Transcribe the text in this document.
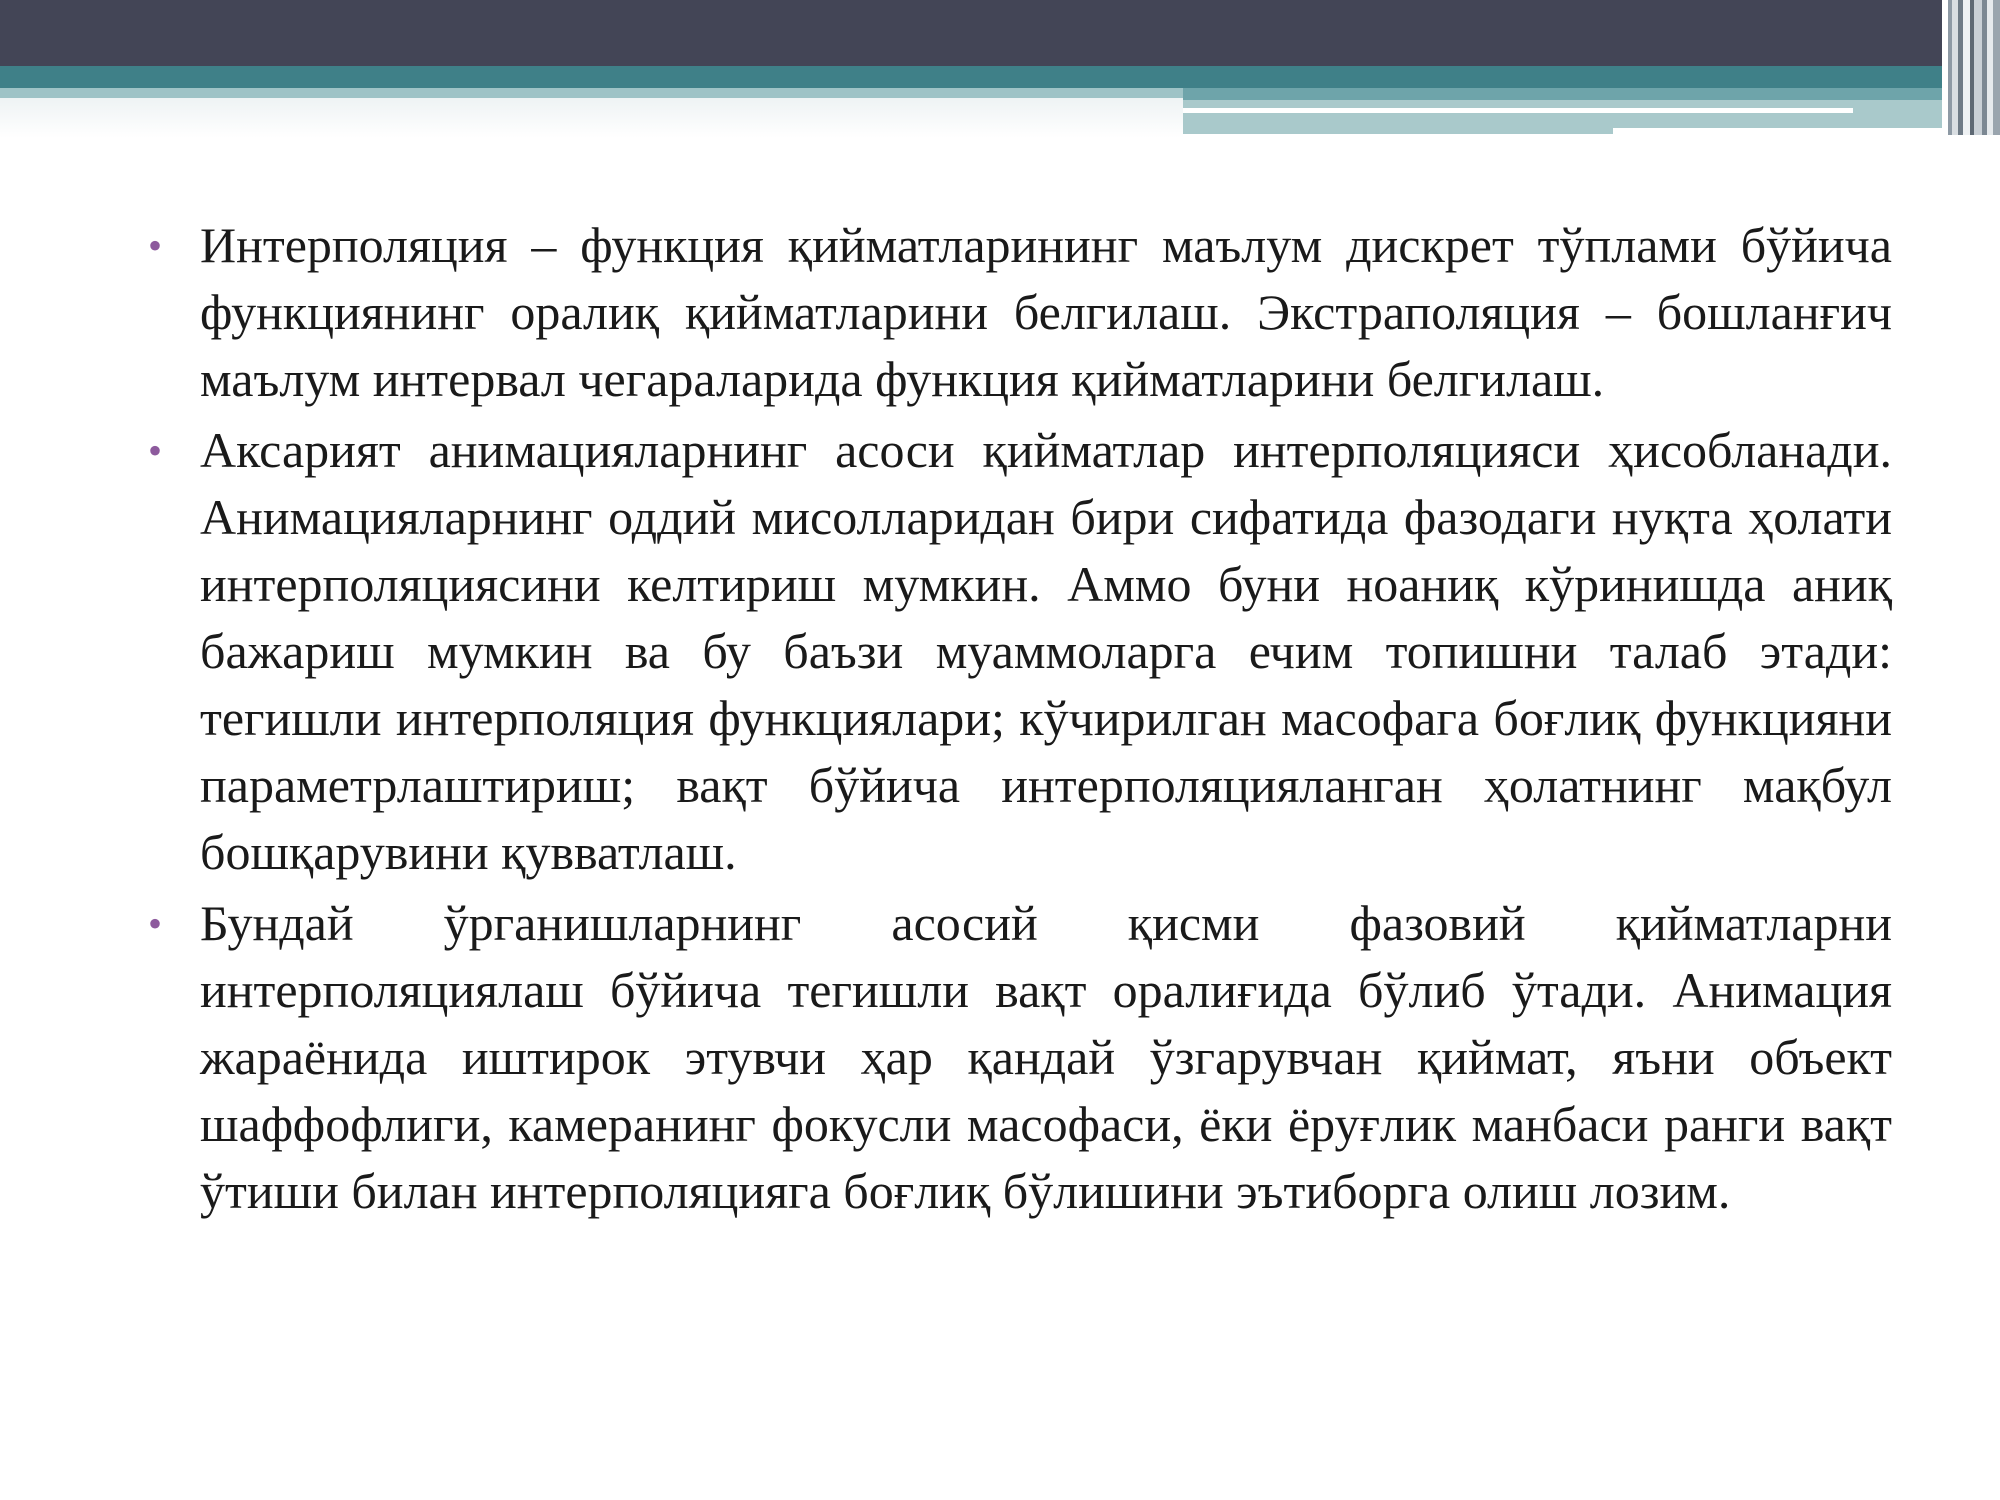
• Интерполяция – функция қийматларининг маълум дискрет тўплами бўйича функциянинг оралиқ қийматларини белгилаш. Экстраполяция – бошланғич маълум интервал чегараларида функция қийматларини белгилаш.
• Аксарият анимацияларнинг асоси қийматлар интерполяцияси ҳисобланади. Анимацияларнинг оддий мисолларидан бири сифатида фазодаги нуқта ҳолати интерполяциясини келтириш мумкин. Аммо буни ноаниқ кўринишда аниқ бажариш мумкин ва бу баъзи муаммоларга ечим топишни талаб этади: тегишли интерполяция функциялари; кўчирилган масофага боғлиқ функцияни параметрлаштириш; вақт бўйича интерполяцияланган ҳолатнинг мақбул бошқарувини қувватлаш.
• Бундай ўрганишларнинг асосий қисми фазовий қийматларни интерполяциялаш бўйича тегишли вақт оралиғида бўлиб ўтади. Анимация жараёнида иштирок этувчи ҳар қандай ўзгарувчан қиймат, яъни объект шаффофлиги, камеранинг фокусли масофаси, ёки ёруғлик манбаси ранги вақт ўтиши билан интерполяцияга боғлиқ бўлишини эътиборга олиш лозим.
